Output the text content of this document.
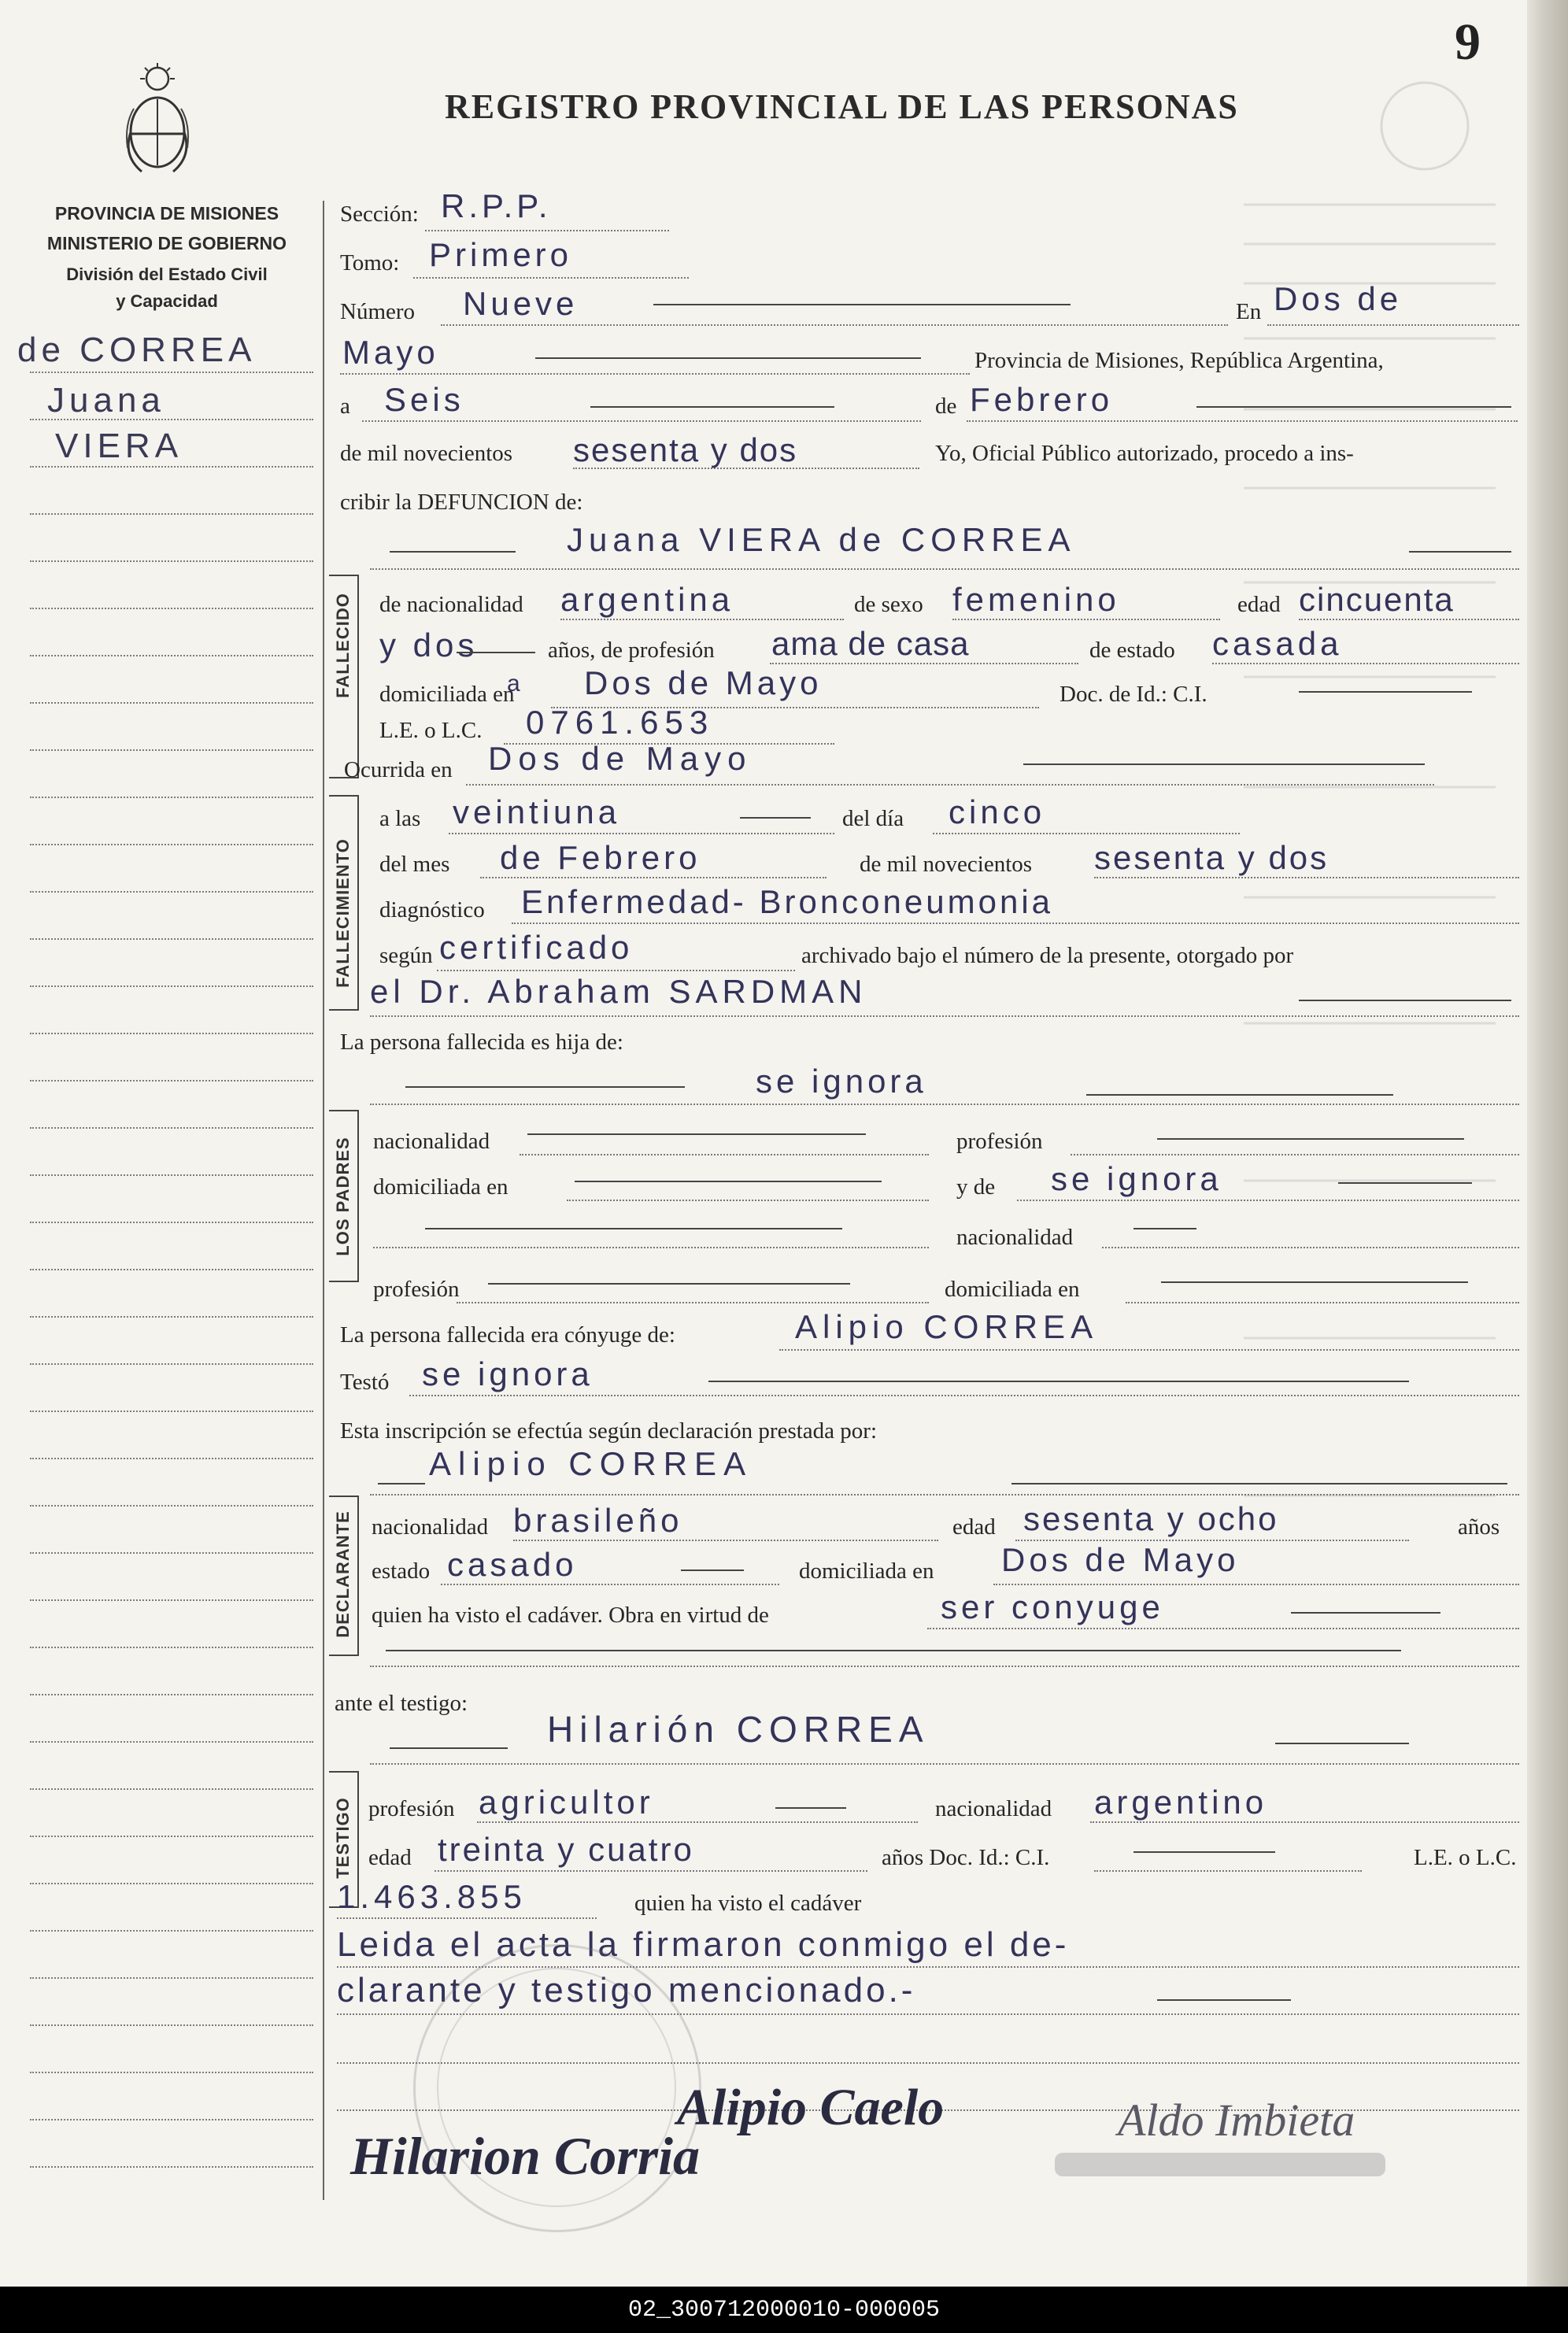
9
REGISTRO PROVINCIAL DE LAS PERSONAS
PROVINCIA DE MISIONES
MINISTERIO DE GOBIERNO
División del Estado Civil
y Capacidad
de CORREA
Juana
VIERA
FALLECIDO
FALLECIMIENTO
LOS PADRES
DECLARANTE
TESTIGO
Sección: R.P.P.
Tomo: Primero
Número Nueve	En Dos de
Mayo	Provincia de Misiones, República Argentina,
a Seis	de Febrero
de mil novecientos sesenta y dos	Yo, Oficial Público autorizado, procedo a ins-
cribir la DEFUNCION de:
Juana VIERA de CORREA
de nacionalidad argentina	de sexo femenino	edad cincuenta
y dos	años, de profesión ama de casa	de estado casada
domiciliada en
a Dos de Mayo	Doc. de Id.: C.I.
L.E. o L.C. 0761.653
Ocurrida en Dos de Mayo
a las veintiuna	del día cinco
del mes de Febrero	de mil novecientos sesenta y dos
diagnóstico Enfermedad- Bronconeumonia
según certificado	archivado bajo el número de la presente, otorgado por
el Dr. Abraham SARDMAN
La persona fallecida es hija de:
se ignora
nacionalidad	profesión
domiciliada en	y de se ignora
nacionalidad
profesión	domiciliada en
La persona fallecida era cónyuge de:	Alipio CORREA
Testó se ignora
Esta inscripción se efectúa según declaración prestada por:
Alipio CORREA
nacionalidad brasileño	edad sesenta y ocho	años
estado casado	domiciliada en Dos de Mayo
quien ha visto el cadáver. Obra en virtud de	ser conyuge
ante el testigo:
Hilarión CORREA
profesión agricultor	nacionalidad argentino
edad treinta y cuatro	años Doc. Id.: C.I.	L.E. o L.C.
1.463.855	quien ha visto el cadáver
Leida el acta la firmaron conmigo el de-
clarante y testigo mencionado.-
Alipio Caelo
Hilarion Corria
Aldo Imbieta
02_300712000010-000005
